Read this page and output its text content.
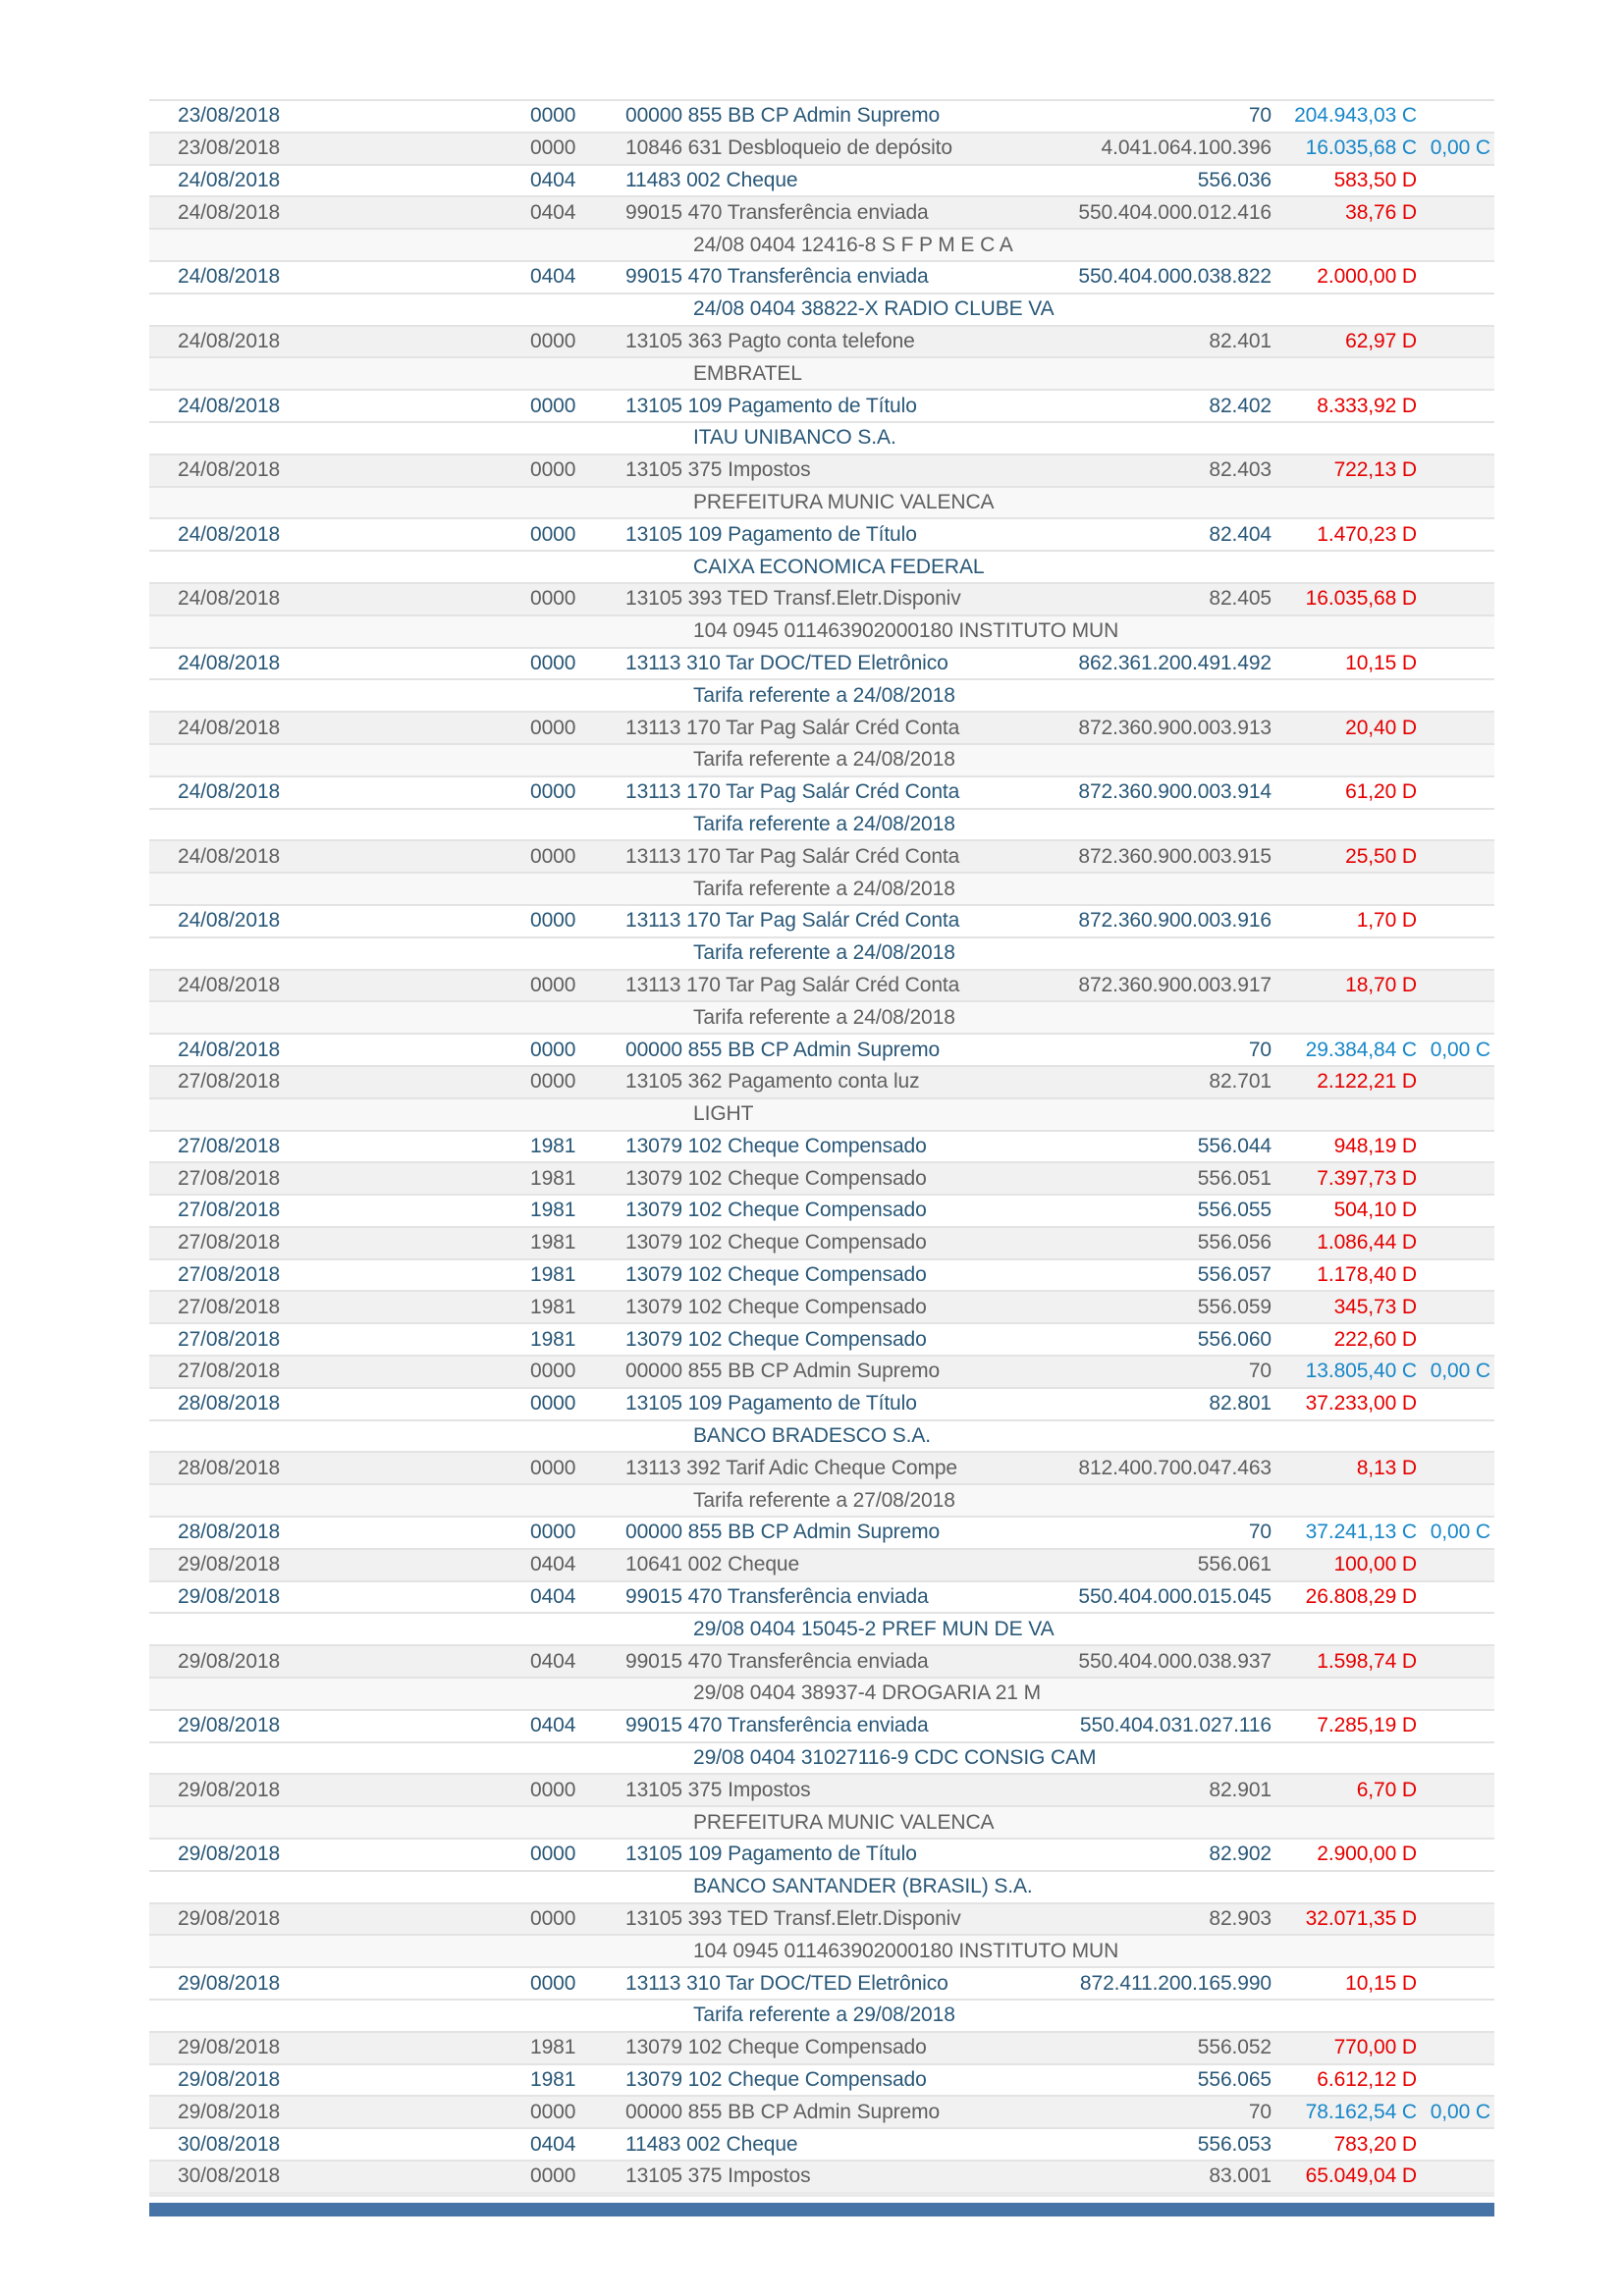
23/08/2018	0000	00000 855 BB CP Admin Supremo	70	204.943,03 C
23/08/2018	0000	10846 631 Desbloqueio de depósito	4.041.064.100.396	16.035,68 C 0,00 C
24/08/2018	0404	11483 002 Cheque	556.036	583,50 D
24/08/2018	0404	99015 470 Transferência enviada	550.404.000.012.416	38,76 D
24/08 0404 12416-8 S F P M E C A
24/08/2018	0404	99015 470 Transferência enviada	550.404.000.038.822	2.000,00 D
24/08 0404 38822-X RADIO CLUBE VA
24/08/2018	0000	13105 363 Pagto conta telefone	82.401	62,97 D
EMBRATEL
24/08/2018	0000	13105 109 Pagamento de Título	82.402	8.333,92 D
ITAU UNIBANCO S.A.
24/08/2018	0000	13105 375 Impostos	82.403	722,13 D
PREFEITURA MUNIC VALENCA
24/08/2018	0000	13105 109 Pagamento de Título	82.404	1.470,23 D
CAIXA ECONOMICA FEDERAL
24/08/2018	0000	13105 393 TED Transf.Eletr.Disponiv	82.405	16.035,68 D
104 0945 011463902000180 INSTITUTO MUN
24/08/2018	0000	13113 310 Tar DOC/TED Eletrônico	862.361.200.491.492	10,15 D
Tarifa referente a 24/08/2018
24/08/2018	0000	13113 170 Tar Pag Salár Créd Conta	872.360.900.003.913	20,40 D
Tarifa referente a 24/08/2018
24/08/2018	0000	13113 170 Tar Pag Salár Créd Conta	872.360.900.003.914	61,20 D
Tarifa referente a 24/08/2018
24/08/2018	0000	13113 170 Tar Pag Salár Créd Conta	872.360.900.003.915	25,50 D
Tarifa referente a 24/08/2018
24/08/2018	0000	13113 170 Tar Pag Salár Créd Conta	872.360.900.003.916	1,70 D
Tarifa referente a 24/08/2018
24/08/2018	0000	13113 170 Tar Pag Salár Créd Conta	872.360.900.003.917	18,70 D
Tarifa referente a 24/08/2018
24/08/2018	0000	00000 855 BB CP Admin Supremo	70	29.384,84 C 0,00 C
27/08/2018	0000	13105 362 Pagamento conta luz	82.701	2.122,21 D
LIGHT
27/08/2018	1981	13079 102 Cheque Compensado	556.044	948,19 D
27/08/2018	1981	13079 102 Cheque Compensado	556.051	7.397,73 D
27/08/2018	1981	13079 102 Cheque Compensado	556.055	504,10 D
27/08/2018	1981	13079 102 Cheque Compensado	556.056	1.086,44 D
27/08/2018	1981	13079 102 Cheque Compensado	556.057	1.178,40 D
27/08/2018	1981	13079 102 Cheque Compensado	556.059	345,73 D
27/08/2018	1981	13079 102 Cheque Compensado	556.060	222,60 D
27/08/2018	0000	00000 855 BB CP Admin Supremo	70	13.805,40 C 0,00 C
28/08/2018	0000	13105 109 Pagamento de Título	82.801	37.233,00 D
BANCO BRADESCO S.A.
28/08/2018	0000	13113 392 Tarif Adic Cheque Compe	812.400.700.047.463	8,13 D
Tarifa referente a 27/08/2018
28/08/2018	0000	00000 855 BB CP Admin Supremo	70	37.241,13 C 0,00 C
29/08/2018	0404	10641 002 Cheque	556.061	100,00 D
29/08/2018	0404	99015 470 Transferência enviada	550.404.000.015.045	26.808,29 D
29/08 0404 15045-2 PREF MUN DE VA
29/08/2018	0404	99015 470 Transferência enviada	550.404.000.038.937	1.598,74 D
29/08 0404 38937-4 DROGARIA 21 M
29/08/2018	0404	99015 470 Transferência enviada	550.404.031.027.116	7.285,19 D
29/08 0404 31027116-9 CDC CONSIG CAM
29/08/2018	0000	13105 375 Impostos	82.901	6,70 D
PREFEITURA MUNIC VALENCA
29/08/2018	0000	13105 109 Pagamento de Título	82.902	2.900,00 D
BANCO SANTANDER (BRASIL) S.A.
29/08/2018	0000	13105 393 TED Transf.Eletr.Disponiv	82.903	32.071,35 D
104 0945 011463902000180 INSTITUTO MUN
29/08/2018	0000	13113 310 Tar DOC/TED Eletrônico	872.411.200.165.990	10,15 D
Tarifa referente a 29/08/2018
29/08/2018	1981	13079 102 Cheque Compensado	556.052	770,00 D
29/08/2018	1981	13079 102 Cheque Compensado	556.065	6.612,12 D
29/08/2018	0000	00000 855 BB CP Admin Supremo	70	78.162,54 C 0,00 C
30/08/2018	0404	11483 002 Cheque	556.053	783,20 D
30/08/2018	0000	13105 375 Impostos	83.001	65.049,04 D
